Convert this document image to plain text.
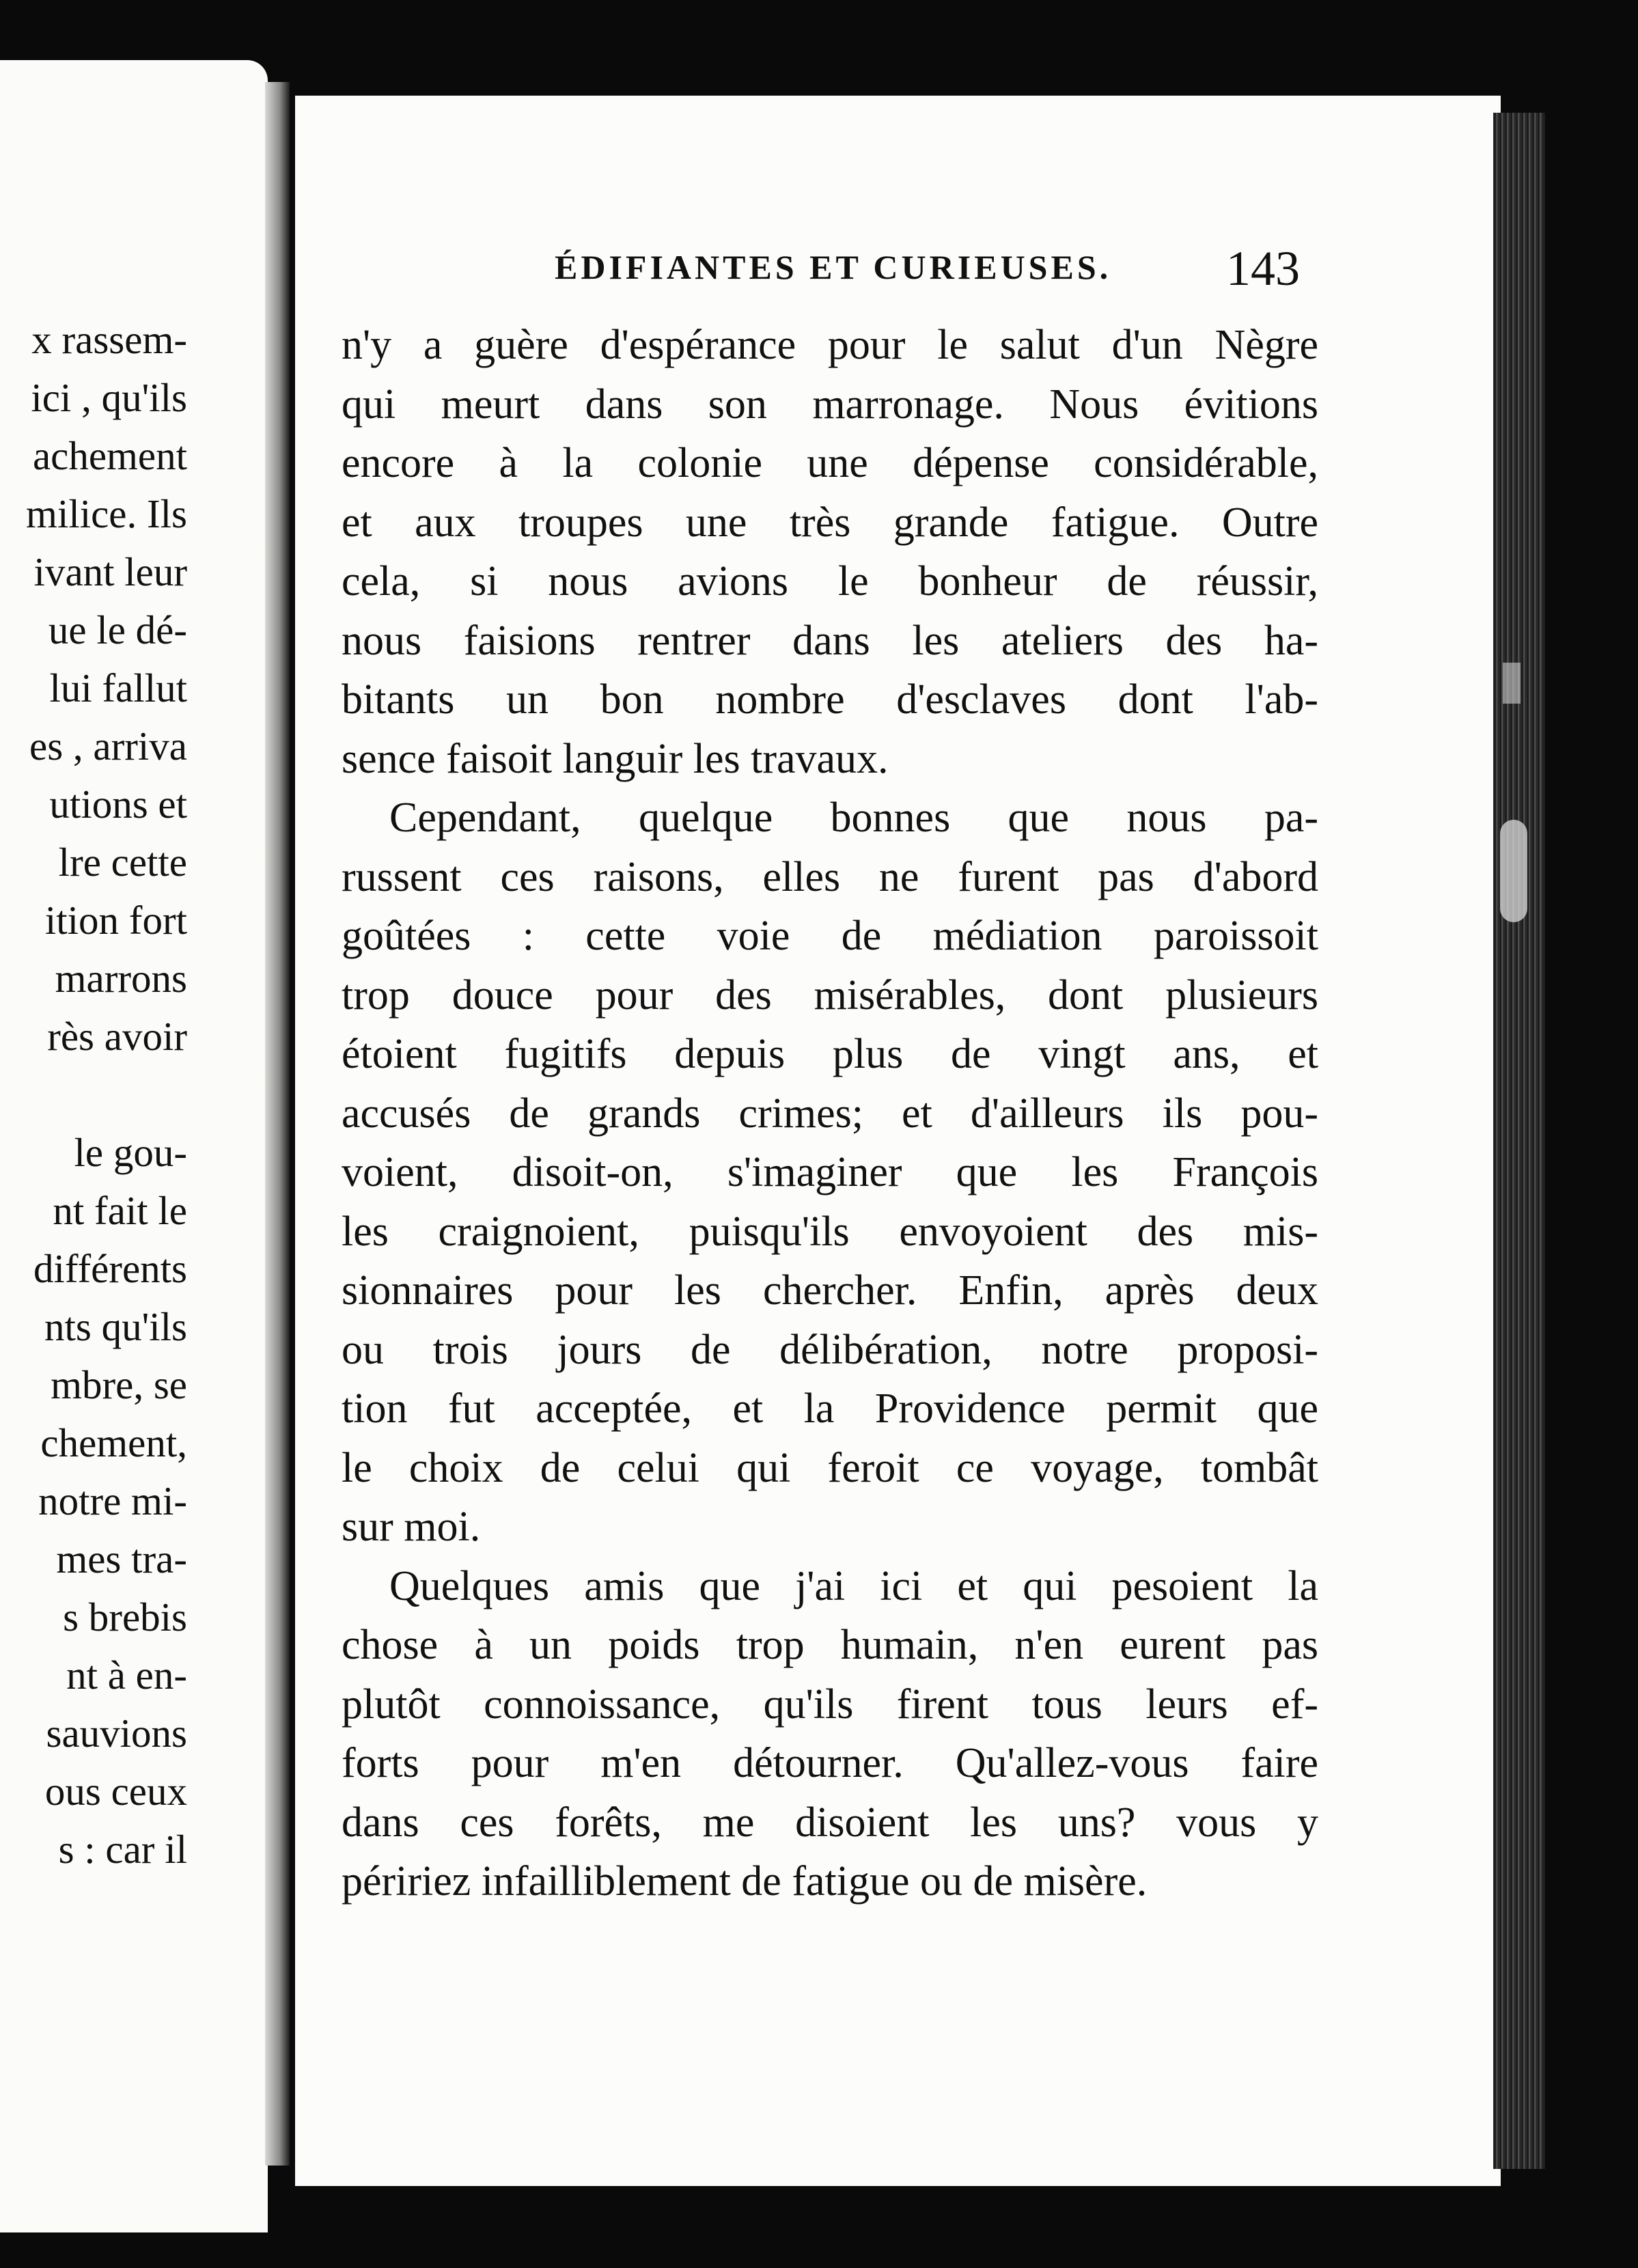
x rassem-
ici , qu'ils
achement
milice. Ils
ivant leur
ue le dé-
lui fallut
es , arriva
utions et
lre cette
ition fort
marrons
rès avoir
le gou-
nt fait le
différents
nts qu'ils
mbre, se
chement,
notre mi-
mes tra-
s brebis
nt à en-
sauvions
ous ceux
s : car il
ÉDIFIANTES ET CURIEUSES. 143
n'y a guère d'espérance pour le salut d'un Nègre
qui meurt dans son marronage. Nous évitions
encore à la colonie une dépense considérable,
et aux troupes une très grande fatigue. Outre
cela, si nous avions le bonheur de réussir,
nous faisions rentrer dans les ateliers des ha-
bitants un bon nombre d'esclaves dont l'ab-
sence faisoit languir les travaux.
Cependant, quelque bonnes que nous pa-
russent ces raisons, elles ne furent pas d'abord
goûtées : cette voie de médiation paroissoit
trop douce pour des misérables, dont plusieurs
étoient fugitifs depuis plus de vingt ans, et
accusés de grands crimes; et d'ailleurs ils pou-
voient, disoit-on, s'imaginer que les François
les craignoient, puisqu'ils envoyoient des mis-
sionnaires pour les chercher. Enfin, après deux
ou trois jours de délibération, notre proposi-
tion fut acceptée, et la Providence permit que
le choix de celui qui feroit ce voyage, tombât
sur moi.
Quelques amis que j'ai ici et qui pesoient la
chose à un poids trop humain, n'en eurent pas
plutôt connoissance, qu'ils firent tous leurs ef-
forts pour m'en détourner. Qu'allez-vous faire
dans ces forêts, me disoient les uns? vous y
péririez infailliblement de fatigue ou de misère.
